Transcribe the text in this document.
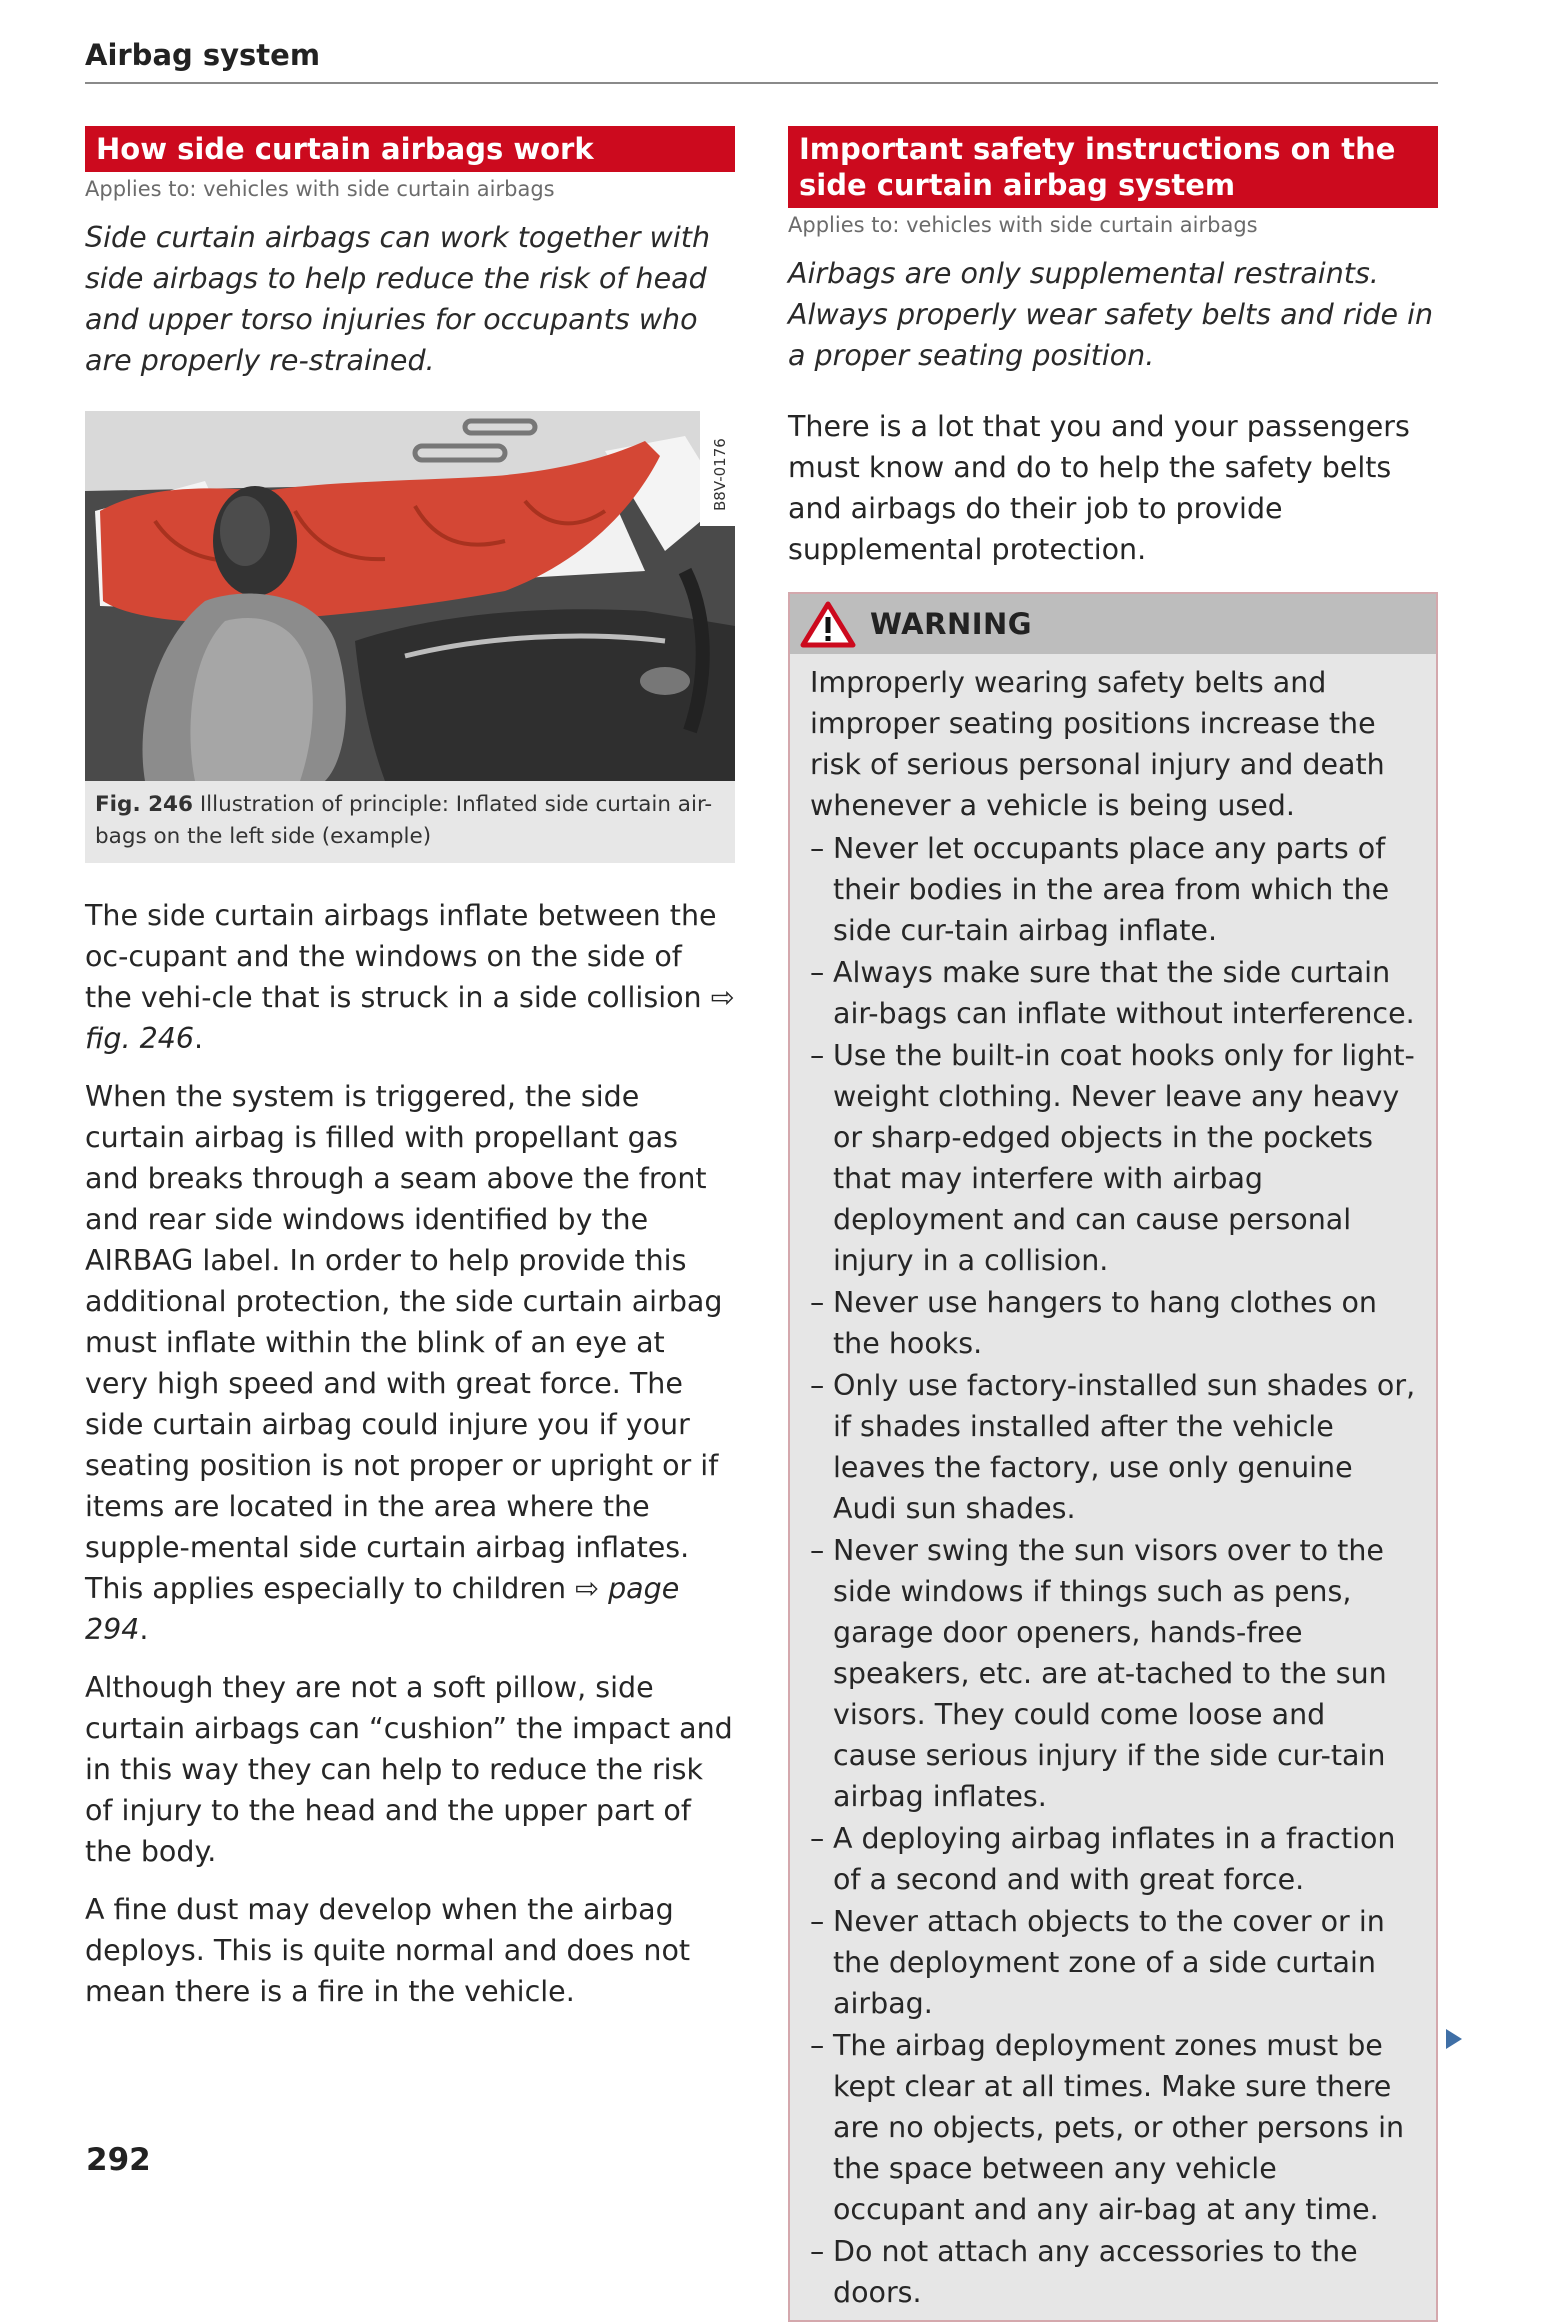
Airbag system
How side curtain airbags work
Applies to: vehicles with side curtain airbags

Side curtain airbags can work together with side airbags to help reduce the risk of head and upper torso injuries for occupants who are properly re-strained.

B8V-0176
Fig. 246 Illustration of principle: Inflated side curtain air-bags on the left side (example)

The side curtain airbags inflate between the oc-cupant and the windows on the side of the vehi-cle that is struck in a side collision ⇨ fig. 246.

When the system is triggered, the side curtain airbag is filled with propellant gas and breaks through a seam above the front and rear side windows identified by the AIRBAG label. In order to help provide this additional protection, the side curtain airbag must inflate within the blink of an eye at very high speed and with great force. The side curtain airbag could injure you if your seating position is not proper or upright or if items are located in the area where the supple-mental side curtain airbag inflates. This applies especially to children ⇨ page 294.

Although they are not a soft pillow, side curtain airbags can “cushion” the impact and in this way they can help to reduce the risk of injury to the head and the upper part of the body.

A fine dust may develop when the airbag deploys. This is quite normal and does not mean there is a fire in the vehicle.

Important safety instructions on the side curtain airbag system
Applies to: vehicles with side curtain airbags

Airbags are only supplemental restraints. Always properly wear safety belts and ride in a proper seating position.

There is a lot that you and your passengers must know and do to help the safety belts and airbags do their job to provide supplemental protection.

WARNING

Improperly wearing safety belts and improper seating positions increase the risk of serious personal injury and death whenever a vehicle is being used.

– Never let occupants place any parts of their bodies in the area from which the side cur-tain airbag inflate.
– Always make sure that the side curtain air-bags can inflate without interference.
– Use the built-in coat hooks only for light-weight clothing. Never leave any heavy or sharp-edged objects in the pockets that may interfere with airbag deployment and can cause personal injury in a collision.
– Never use hangers to hang clothes on the hooks.
– Only use factory-installed sun shades or, if shades installed after the vehicle leaves the factory, use only genuine Audi sun shades.
– Never swing the sun visors over to the side windows if things such as pens, garage door openers, hands-free speakers, etc. are at-tached to the sun visors. They could come loose and cause serious injury if the side cur-tain airbag inflates.
– A deploying airbag inflates in a fraction of a second and with great force.
– Never attach objects to the cover or in the deployment zone of a side curtain airbag.
– The airbag deployment zones must be kept clear at all times. Make sure there are no objects, pets, or other persons in the space between any vehicle occupant and any air-bag at any time.
– Do not attach any accessories to the doors.
292
